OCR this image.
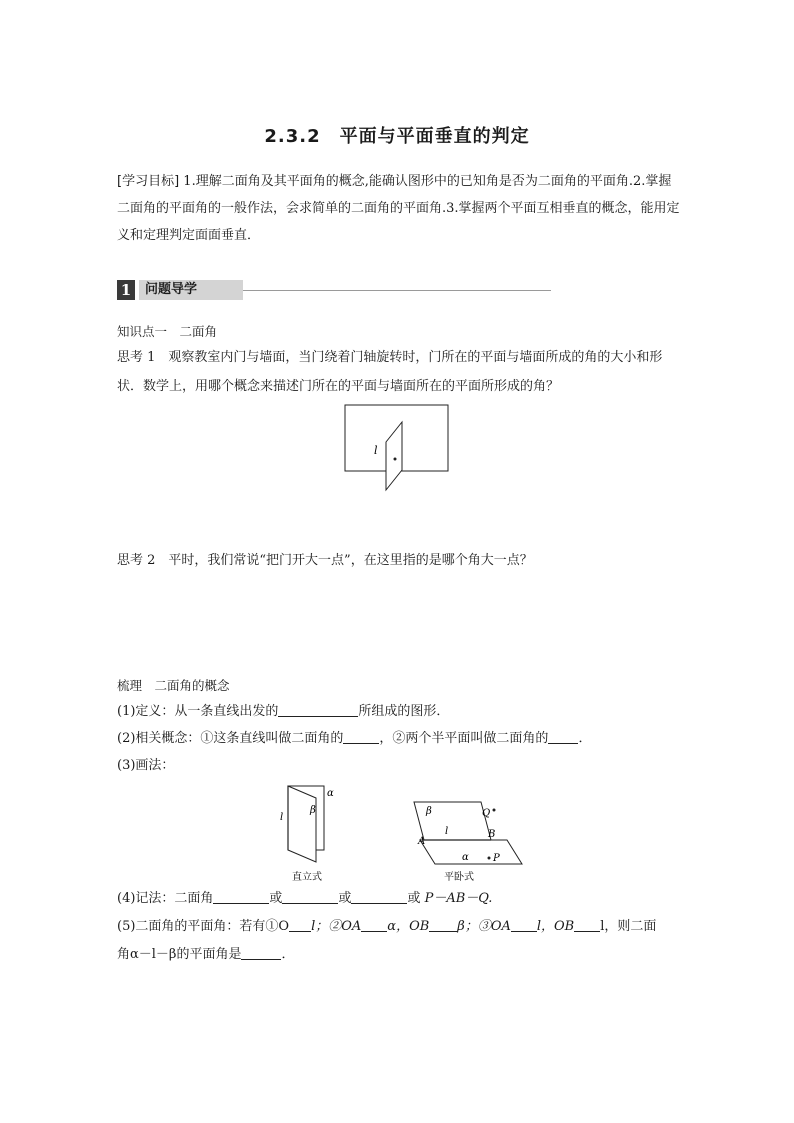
2.3.2　平面与平面垂直的判定
[学习目标] 1.理解二面角及其平面角的概念,能确认图形中的已知角是否为二面角的平面角.2.掌握二面角的平面角的一般作法，会求简单的二面角的平面角.3.掌握两个平面互相垂直的概念，能用定义和定理判定面面垂直．
1	问题导学
知识点一　二面角
思考 1　观察教室内门与墙面，当门绕着门轴旋转时，门所在的平面与墙面所成的角的大小和形状．数学上，用哪个概念来描述门所在的平面与墙面所在的平面所形成的角？
l
思考 2　平时，我们常说“把门开大一点”，在这里指的是哪个角大一点？
梳理　二面角的概念
(1)定义：从一条直线出发的	所组成的图形．
(2)相关概念：①这条直线叫做二面角的	，②两个半平面叫做二面角的 ．
(3)画法：
α
β
l
直立式
β	Q
l	B
A
α P
平卧式
(4)记法：二面角	或	或	或 P－AB－Q.
(5)二面角的平面角：若有①O l；②OA α，OB β；③OA l，OB l，则二面
角α－l－β的平面角是	．
